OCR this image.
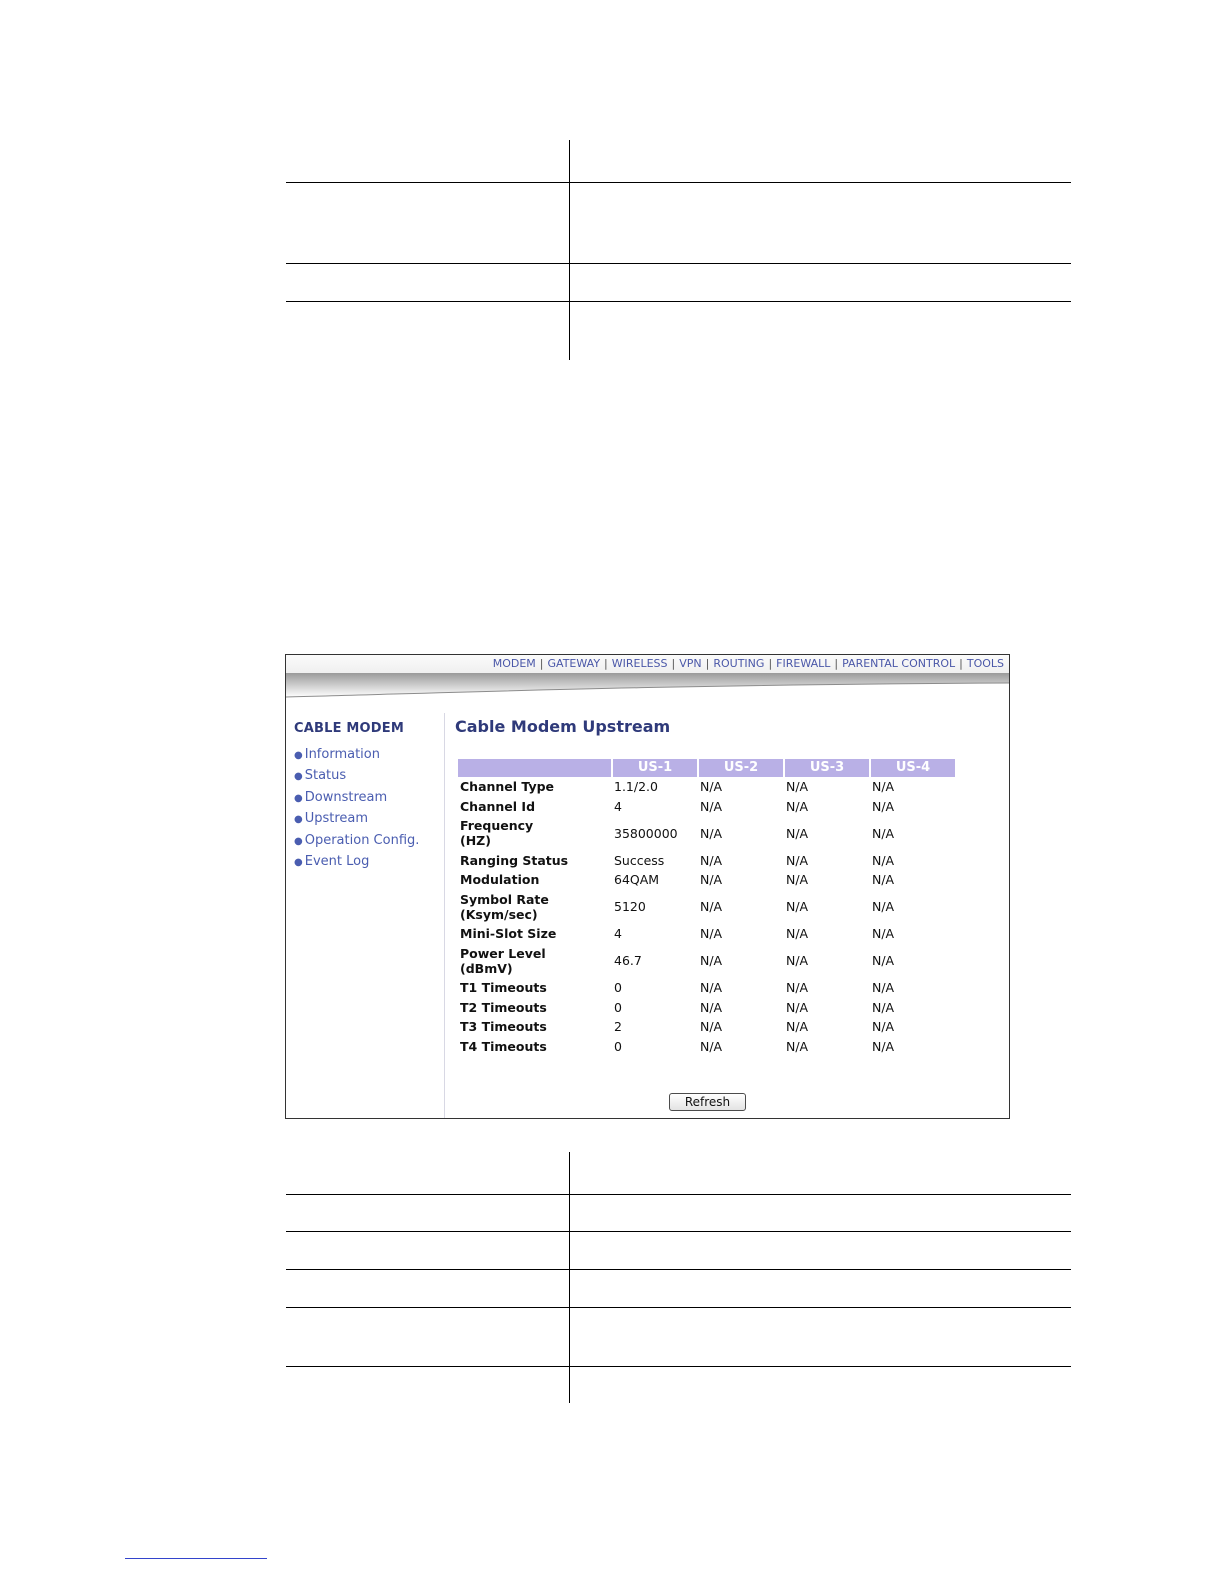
MODEM | GATEWAY | WIRELESS | VPN | ROUTING | FIREWALL | PARENTAL CONTROL | TOOLS
CABLE MODEM
● Information
● Status
● Downstream
● Upstream
● Operation Config.
● Event Log
Cable Modem Upstream
	US-1	US-2	US-3	US-4

Channel Type	1.1/2.0	N/A	N/A	N/A

Channel Id	4	N/A	N/A	N/A

Frequency
(HZ)	35800000	N/A	N/A	N/A

Ranging Status	Success	N/A	N/A	N/A

Modulation	64QAM	N/A	N/A	N/A

Symbol Rate
(Ksym/sec)	5120	N/A	N/A	N/A

Mini-Slot Size	4	N/A	N/A	N/A

Power Level
(dBmV)	46.7	N/A	N/A	N/A

T1 Timeouts	0	N/A	N/A	N/A

T2 Timeouts	0	N/A	N/A	N/A

T3 Timeouts	2	N/A	N/A	N/A

T4 Timeouts	0	N/A	N/A	N/A
Refresh
